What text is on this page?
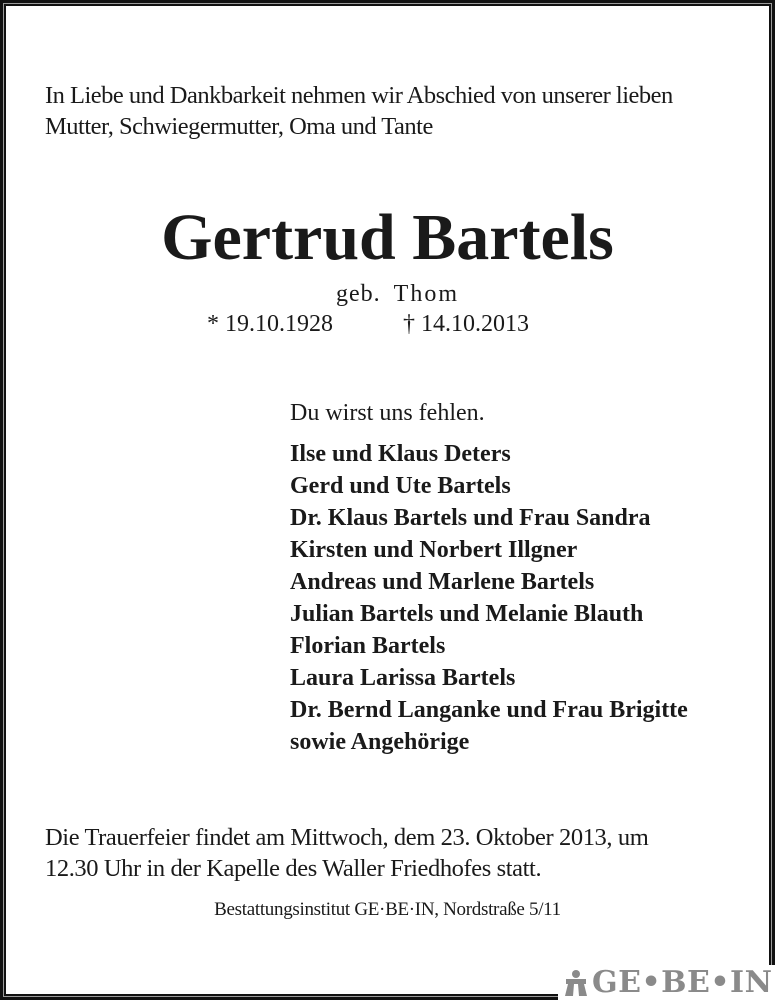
In Liebe und Dankbarkeit nehmen wir Abschied von unserer lieben
Mutter, Schwiegermutter, Oma und Tante
Gertrud Bartels
geb. Thom
* 19.10.1928	† 14.10.2013
Du wirst uns fehlen.
Ilse und Klaus Deters
Gerd und Ute Bartels
Dr. Klaus Bartels und Frau Sandra
Kirsten und Norbert Illgner
Andreas und Marlene Bartels
Julian Bartels und Melanie Blauth
Florian Bartels
Laura Larissa Bartels
Dr. Bernd Langanke und Frau Brigitte
sowie Angehörige
Die Trauerfeier findet am Mittwoch, dem 23. Oktober 2013, um
12.30 Uhr in der Kapelle des Waller Friedhofes statt.
Bestattungsinstitut GE·BE·IN, Nordstraße 5/11
GE•BE•IN
